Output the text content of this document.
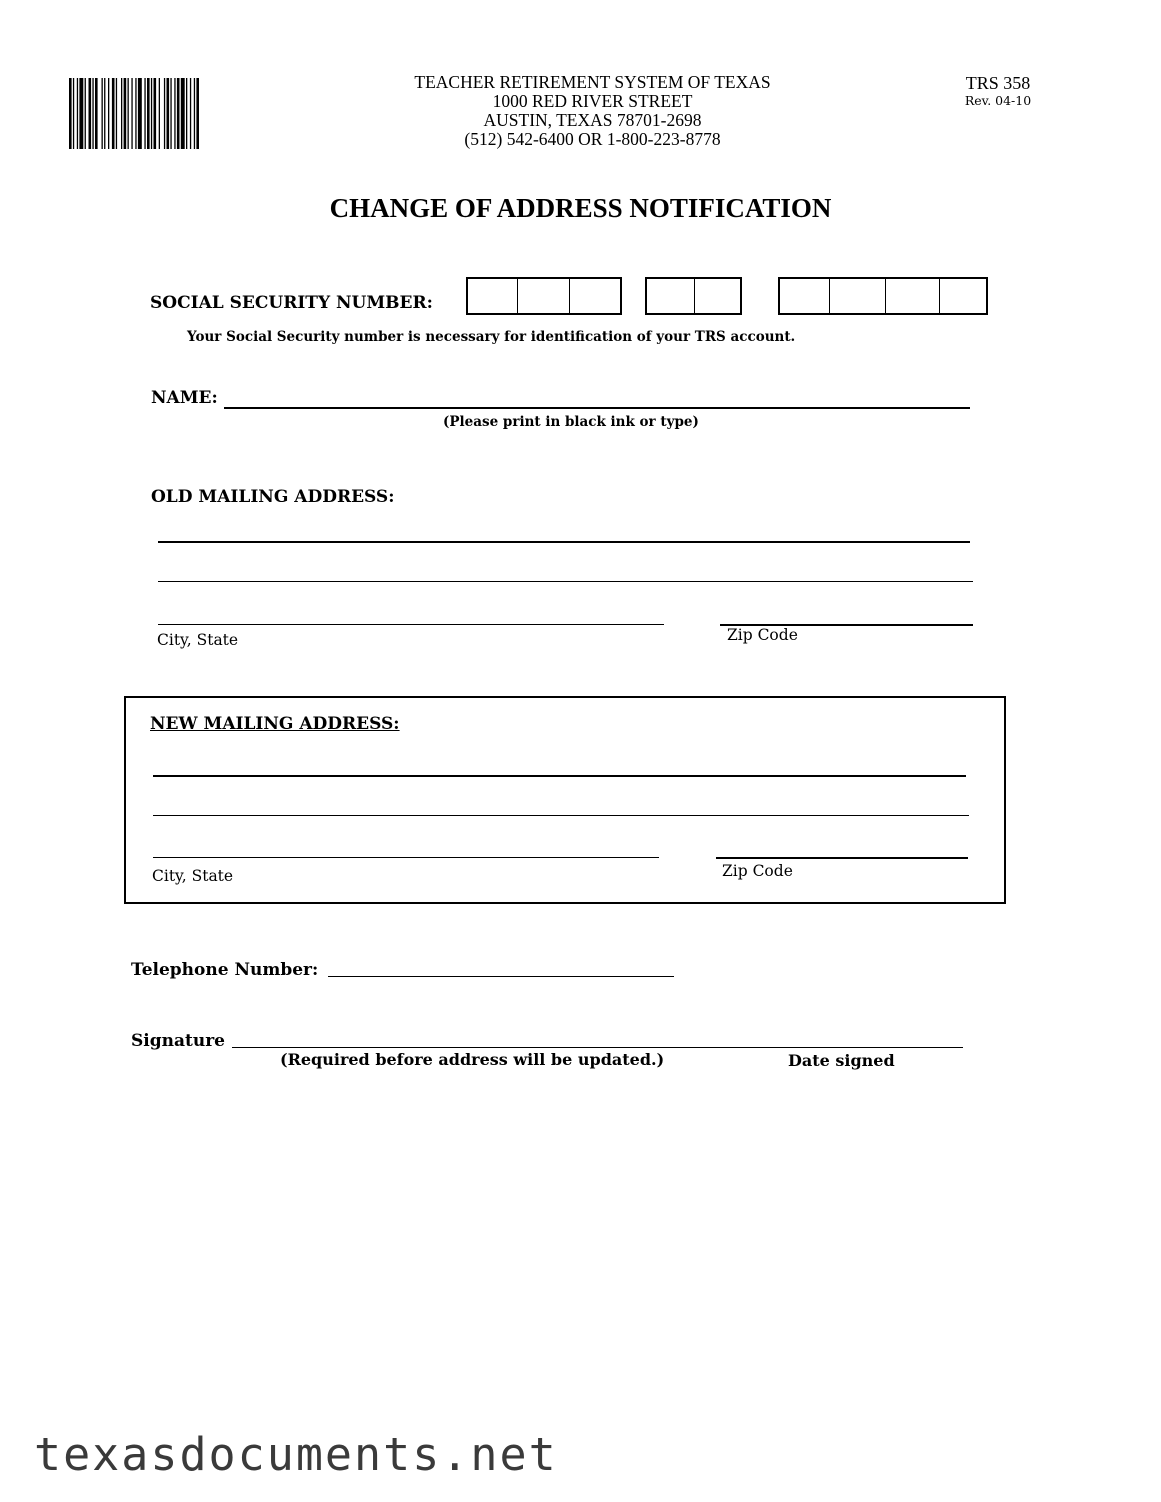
TEACHER RETIREMENT SYSTEM OF TEXAS
1000 RED RIVER STREET
AUSTIN, TEXAS 78701-2698
(512) 542-6400 OR 1-800-223-8778
TRS 358
Rev. 04-10
CHANGE OF ADDRESS NOTIFICATION
SOCIAL SECURITY NUMBER:
Your Social Security number is necessary for identification of your TRS account.
NAME:
(Please print in black ink or type)
OLD MAILING ADDRESS:
City, State	Zip Code
NEW MAILING ADDRESS:
City, State	Zip Code
Telephone Number:
Signature
(Required before address will be updated.)	Date signed
texasdocuments.net
